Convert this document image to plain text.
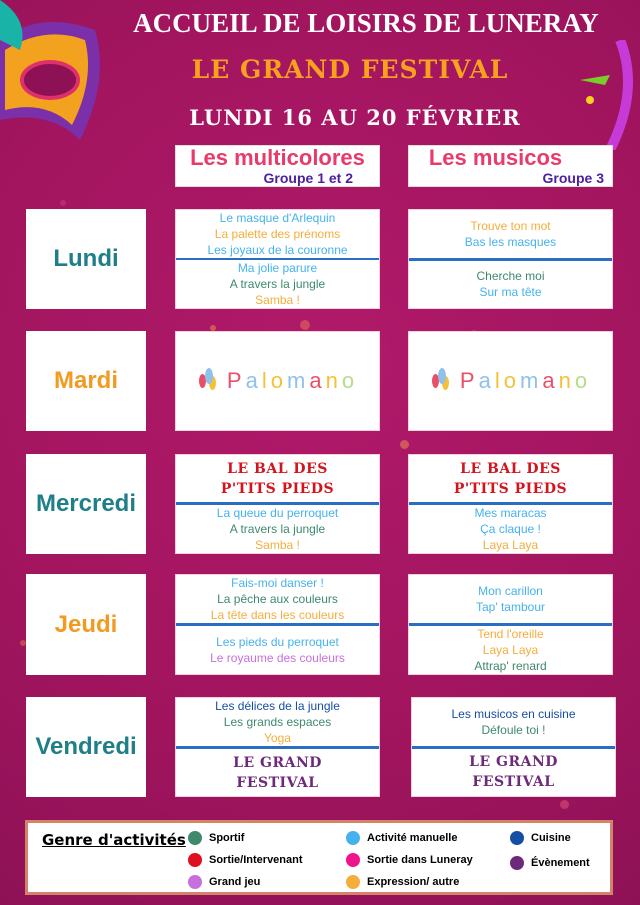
ACCUEIL DE LOISIRS DE LUNERAY
LE GRAND FESTIVAL
LUNDI 16 AU 20 FÉVRIER
Les multicolores
Groupe 1 et 2
Les musicos
Groupe 3
Lundi
Le masque d'Arlequin
La palette des prénoms
Les joyaux de la couronne
Ma jolie parure
A travers la jungle
Samba !
Trouve ton mot
Bas les masques
Cherche moi
Sur ma tête
Mardi	Palomano	Palomano
Mercredi
LE BAL DES
P'TITS PIEDS
La queue du perroquet
A travers la jungle
Samba !
LE BAL DES
P'TITS PIEDS
Mes maracas
Ça claque !
Laya Laya
Jeudi
Fais-moi danser !
La pêche aux couleurs
La tête dans les couleurs
Les pieds du perroquet
Le royaume des couleurs
Mon carillon
Tap' tambour
Tend l'oreille
Laya Laya
Attrap' renard
Vendredi
Les délices de la jungle
Les grands espaces
Yoga
LE GRAND
FESTIVAL
Les musicos en cuisine
Défoule toi !
LE GRAND
FESTIVAL
Genre d'activités Sportif
Sortie/Intervenant
Grand jeu
Activité manuelle
Sortie dans Luneray
Expression/ autre
Cuisine
Évènement
